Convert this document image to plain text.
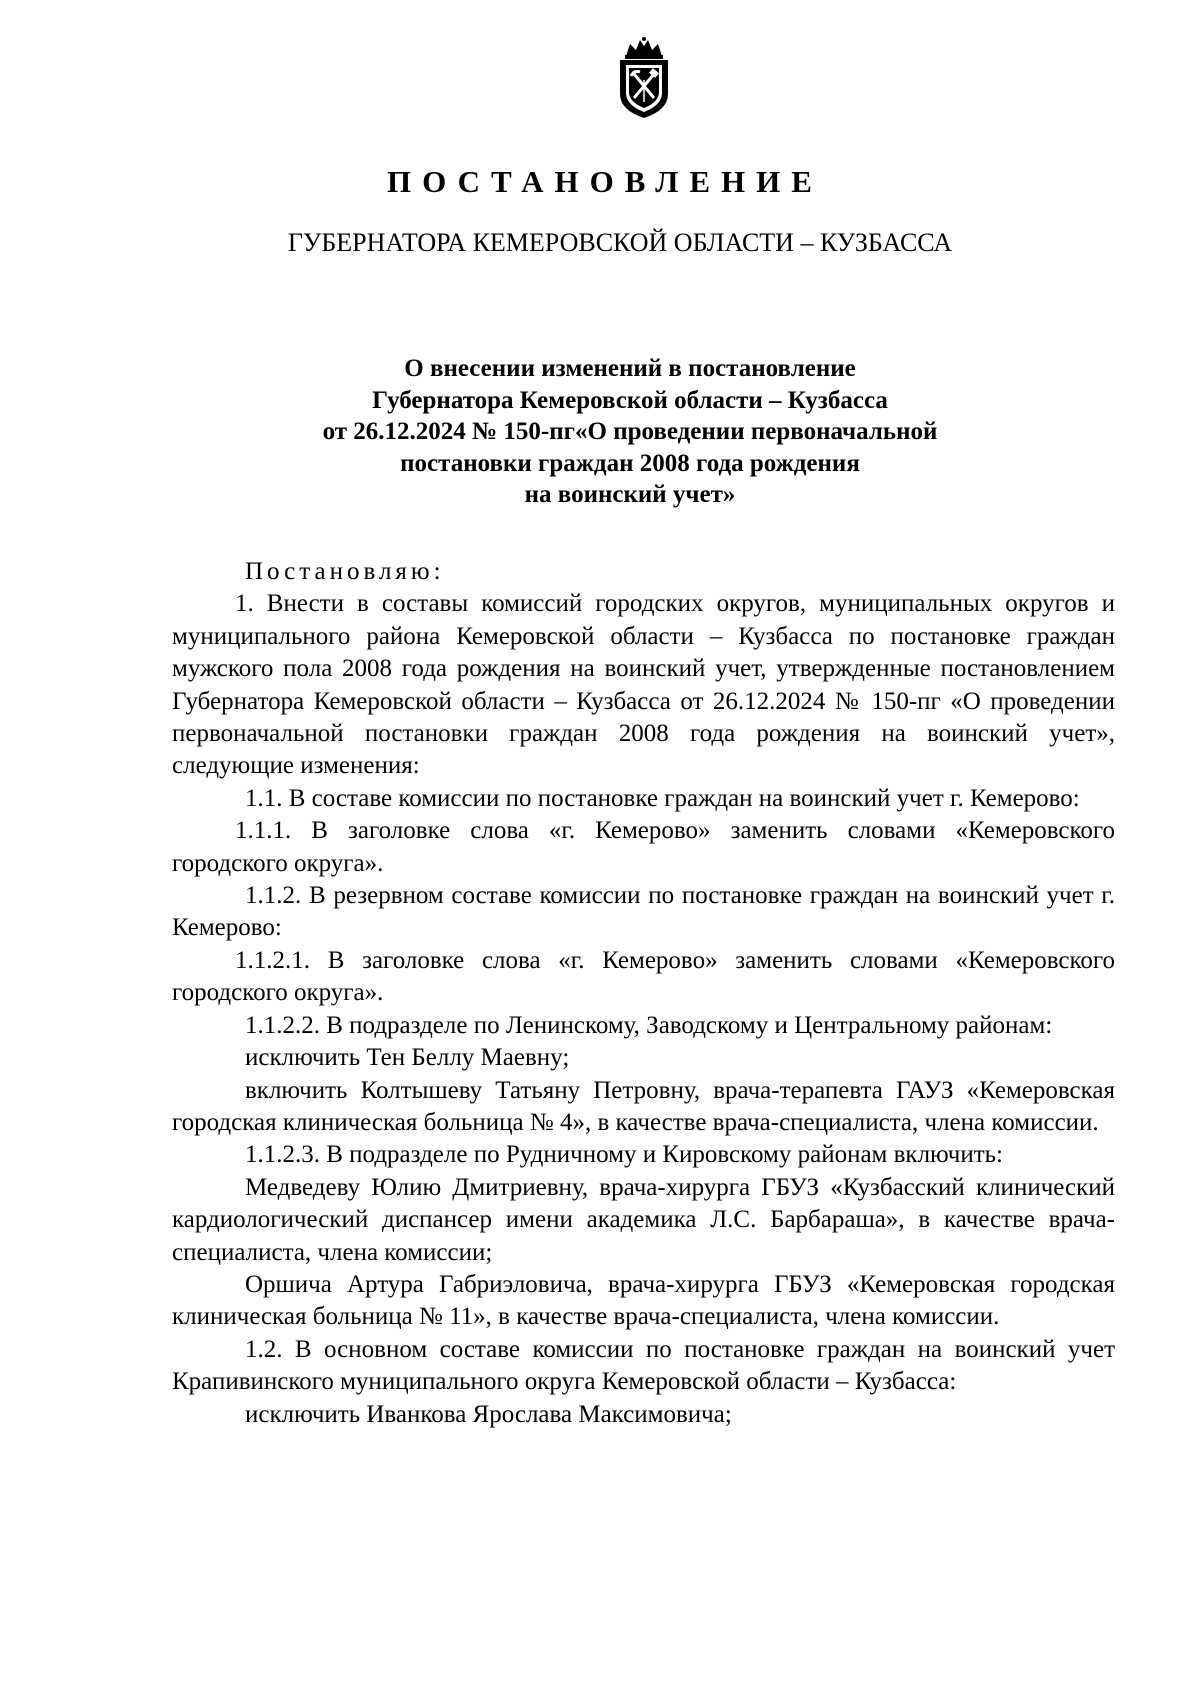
ПОСТАНОВЛЕНИЕ
ГУБЕРНАТОРА КЕМЕРОВСКОЙ ОБЛАСТИ – КУЗБАССА
О внесении изменений в постановление
Губернатора Кемеровской области – Кузбасса
от 26.12.2024 № 150-пг«О проведении первоначальной
постановки граждан 2008 года рождения
на воинский учет»

Постановляю:

1. Внести в составы комиссий городских округов, муниципальных округов и муниципального района Кемеровской области – Кузбасса по постановке граждан мужского пола 2008 года рождения на воинский учет, утвержденные постановлением Губернатора Кемеровской области – Кузбасса от 26.12.2024 № 150-пг «О проведении первоначальной постановки граждан 2008 года рождения на воинский учет», следующие изменения:

1.1. В составе комиссии по постановке граждан на воинский учет г. Кемерово:

1.1.1. В заголовке слова «г. Кемерово» заменить словами «Кемеровского городского округа».

1.1.2. В резервном составе комиссии по постановке граждан на воинский учет г. Кемерово:

1.1.2.1. В заголовке слова «г. Кемерово» заменить словами «Кемеровского городского округа».

1.1.2.2. В подразделе по Ленинскому, Заводскому и Центральному районам:

исключить Тен Беллу Маевну;

включить Колтышеву Татьяну Петровну, врача-терапевта ГАУЗ «Кемеровская городская клиническая больница № 4», в качестве врача-специалиста, члена комиссии.

1.1.2.3. В подразделе по Рудничному и Кировскому районам включить:

Медведеву Юлию Дмитриевну, врача-хирурга ГБУЗ «Кузбасский клинический кардиологический диспансер имени академика Л.С. Барбараша», в качестве врача-специалиста, члена комиссии;

Оршича Артура Габриэловича, врача-хирурга ГБУЗ «Кемеровская городская клиническая больница № 11», в качестве врача-специалиста, члена комиссии.

1.2. В основном составе комиссии по постановке граждан на воинский учет Крапивинского муниципального округа Кемеровской области – Кузбасса:

исключить Иванкова Ярослава Максимовича;
